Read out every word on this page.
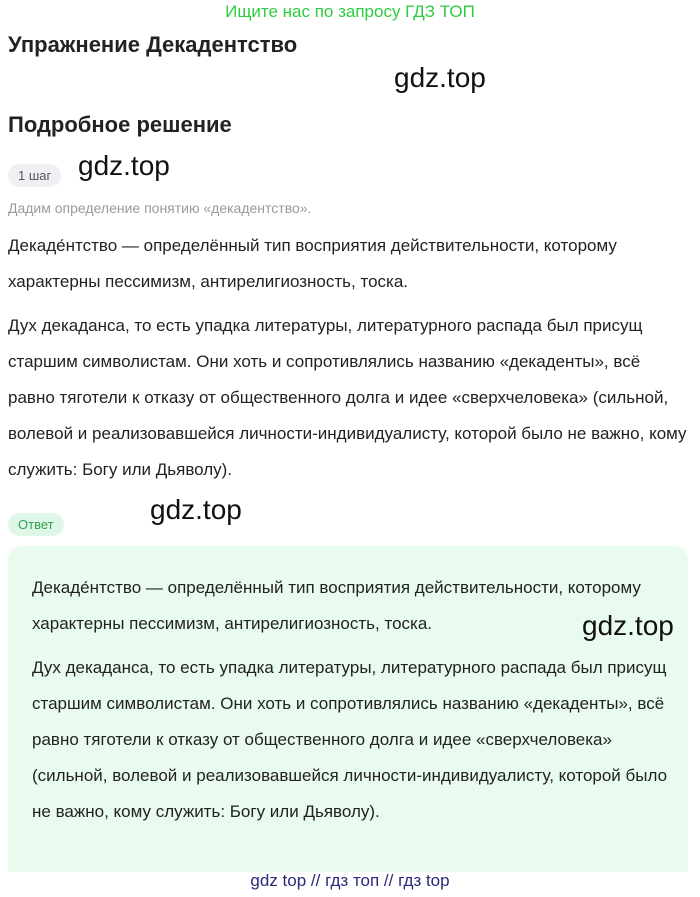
Ищите нас по запросу ГДЗ ТОП
Упражнение Декадентство
gdz.top
Подробное решение
1 шаг gdz.top
Дадим определение понятию «декадентство».

Декаде́нтство — определённый тип восприятия действительности, которому характерны пессимизм, антирелигиозность, тоска.

Дух декаданса, то есть упадка литературы, литературного распада был присущ старшим символистам. Они хоть и сопротивлялись названию «декаденты», всё равно тяготели к отказу от общественного долга и идее «сверхчеловека» (сильной, волевой и реализовавшейся личности-индивидуалисту, которой было не важно, кому служить: Богу или Дьяволу).

Ответ	gdz.top

Декаде́нтство — определённый тип восприятия действительности, которому характерны пессимизм, антирелигиозность, тоска.

Дух декаданса, то есть упадка литературы, литературного распада был присущ старшим символистам. Они хоть и сопротивлялись названию «декаденты», всё равно тяготели к отказу от общественного долга и идее «сверхчеловека» (сильной, волевой и реализовавшейся личности-индивидуалисту, которой было не важно, кому служить: Богу или Дьяволу).

gdz.top
gdz top // гдз топ // гдз top
